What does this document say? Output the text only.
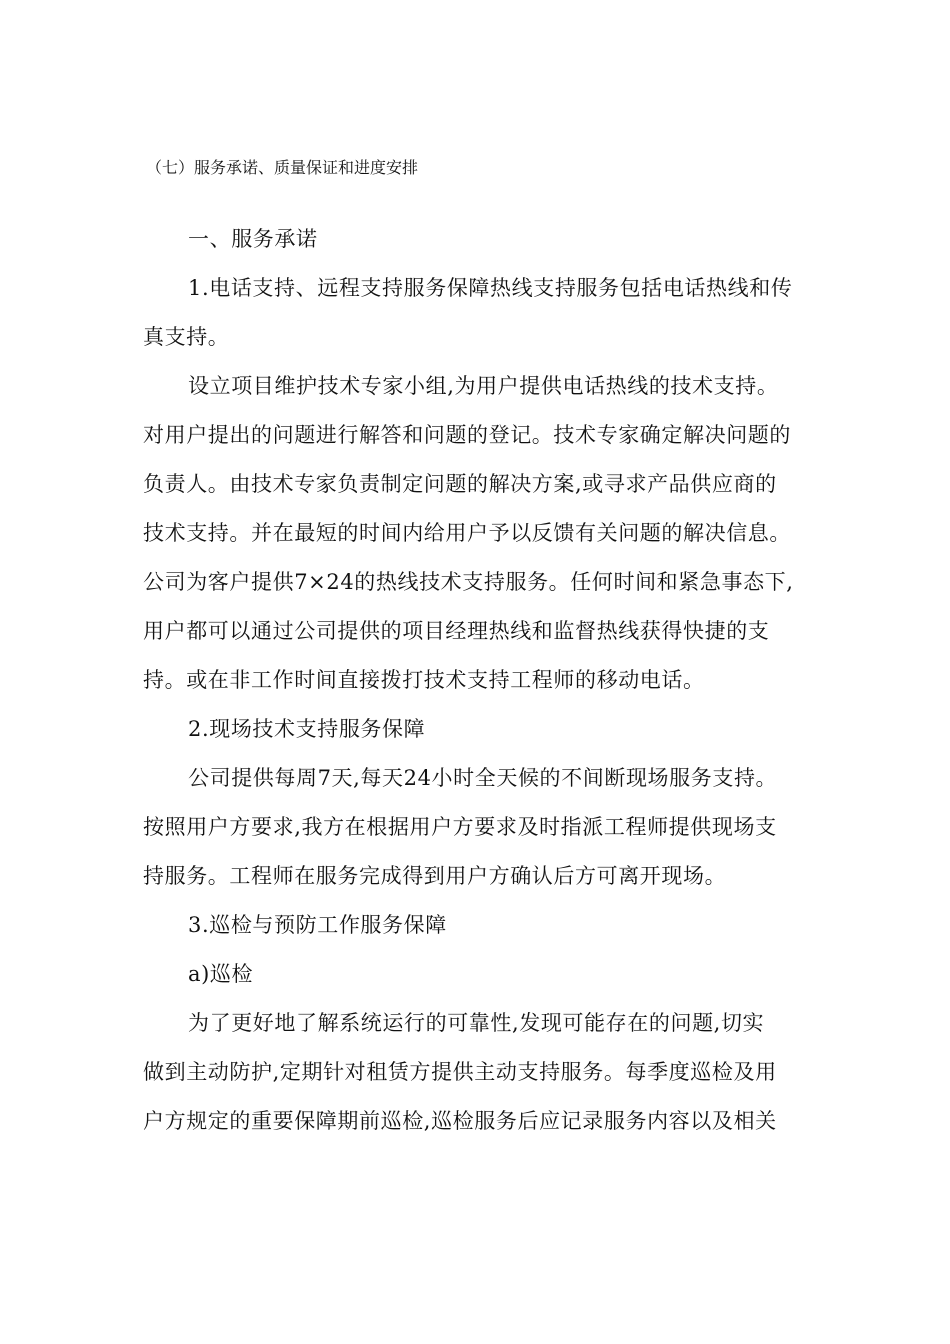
（七）服务承诺、质量保证和进度安排
一、服务承诺
1.电话支持、远程支持服务保障热线支持服务包括电话热线和传
真支持。
设立项目维护技术专家小组,为用户提供电话热线的技术支持。
对用户提出的问题进行解答和问题的登记。技术专家确定解决问题的
负责人。由技术专家负责制定问题的解决方案,或寻求产品供应商的
技术支持。并在最短的时间内给用户予以反馈有关问题的解决信息。
公司为客户提供7×24的热线技术支持服务。任何时间和紧急事态下,
用户都可以通过公司提供的项目经理热线和监督热线获得快捷的支
持。或在非工作时间直接拨打技术支持工程师的移动电话。
2.现场技术支持服务保障
公司提供每周7天,每天24小时全天候的不间断现场服务支持。
按照用户方要求,我方在根据用户方要求及时指派工程师提供现场支
持服务。工程师在服务完成得到用户方确认后方可离开现场。
3.巡检与预防工作服务保障
a)巡检
为了更好地了解系统运行的可靠性,发现可能存在的问题,切实
做到主动防护,定期针对租赁方提供主动支持服务。每季度巡检及用
户方规定的重要保障期前巡检,巡检服务后应记录服务内容以及相关
